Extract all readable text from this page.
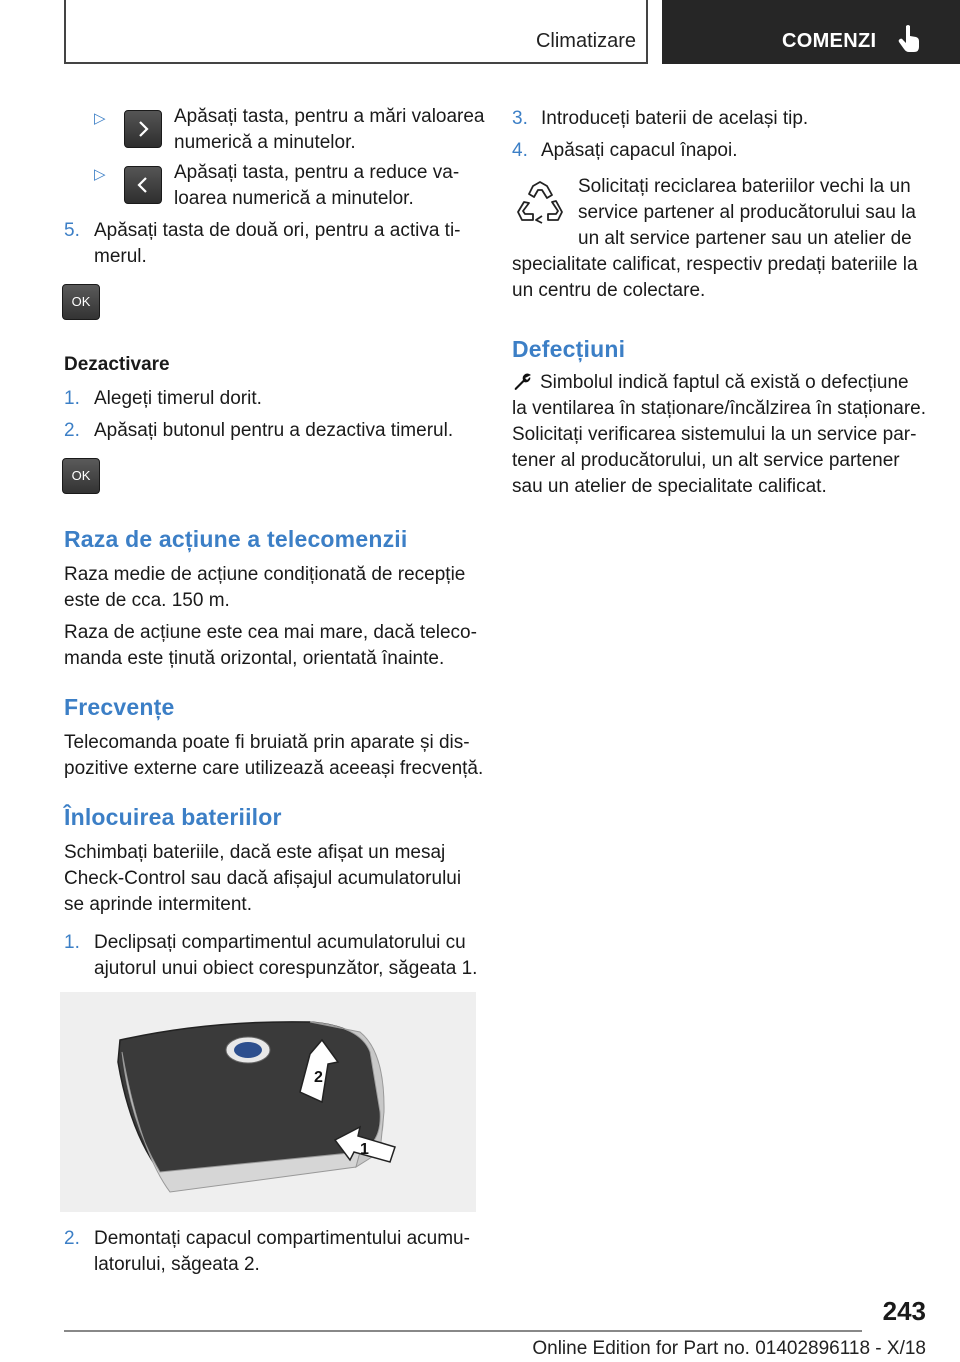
Climatizare	COMENZI
▷	Apăsați tasta, pentru a mări valoarea
numerică a minutelor.
▷	Apăsați tasta, pentru a reduce va-
loarea numerică a minutelor.
5. Apăsați tasta de două ori, pentru a activa ti-
merul.
OK
Dezactivare
1. Alegeți timerul dorit.
2. Apăsați butonul pentru a dezactiva timerul.
OK
Raza de acțiune a telecomenzii
Raza medie de acțiune condiționată de recepție
este de cca. 150 m.
Raza de acțiune este cea mai mare, dacă teleco-
manda este ținută orizontal, orientată înainte.
Frecvențe
Telecomanda poate fi bruiată prin aparate și dis-
pozitive externe care utilizează aceeași frecvență.
Înlocuirea bateriilor
Schimbați bateriile, dacă este afișat un mesaj
Check-Control sau dacă afișajul acumulatorului
se aprinde intermitent.
1. Declipsați compartimentul acumulatorului cu
ajutorul unui obiect corespunzător, săgeata 1.
2
1
2. Demontați capacul compartimentului acumu-
latorului, săgeata 2.
3. Introduceți baterii de același tip.
4. Apăsați capacul înapoi.
Solicitați reciclarea bateriilor vechi la un
service partener al producătorului sau la
un alt service partener sau un atelier de
specialitate calificat, respectiv predați bateriile la
un centru de colectare.
Defecțiuni
Simbolul indică faptul că există o defecțiune
la ventilarea în staționare/încălzirea în staționare.
Solicitați verificarea sistemului la un service par-
tener al producătorului, un alt service partener
sau un atelier de specialitate calificat.
243
Online Edition for Part no. 01402896118 - X/18
